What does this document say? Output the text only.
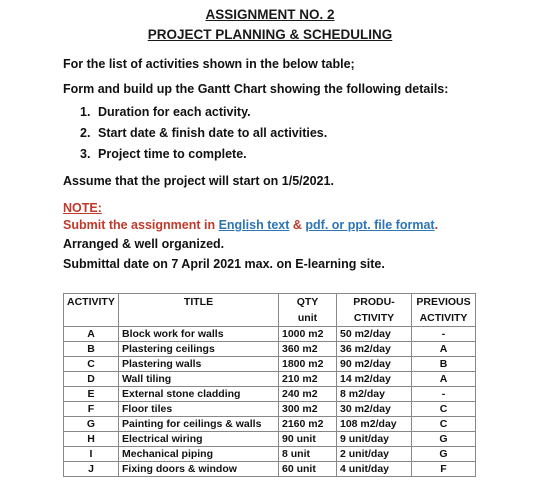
ASSIGNMENT NO. 2
PROJECT PLANNING & SCHEDULING
For the list of activities shown in the below table;
Form and build up the Gantt Chart showing the following details:
1. Duration for each activity.
2. Start date & finish date to all activities.
3. Project time to complete.
Assume that the project will start on 1/5/2021.
NOTE:
Submit the assignment in English text & pdf. or ppt. file format.
Arranged & well organized.
Submittal date on 7 April 2021 max. on E-learning site.
ACTIVITY	TITLE	QTY	PRODU-	PREVIOUS
		unit	CTIVITY	ACTIVITY
A	Block work for walls	1000 m2	50 m2/day	-
B	Plastering ceilings	360 m2	36 m2/day	A
C	Plastering walls	1800 m2	90 m2/day	B
D	Wall tiling	210 m2	14 m2/day	A
E	External stone cladding	240 m2	8 m2/day	-
F	Floor tiles	300 m2	30 m2/day	C
G	Painting for ceilings & walls	2160 m2	108 m2/day	C
H	Electrical wiring	90 unit	9 unit/day	G
I	Mechanical piping	8 unit	2 unit/day	G
J	Fixing doors & window	60 unit	4 unit/day	F
